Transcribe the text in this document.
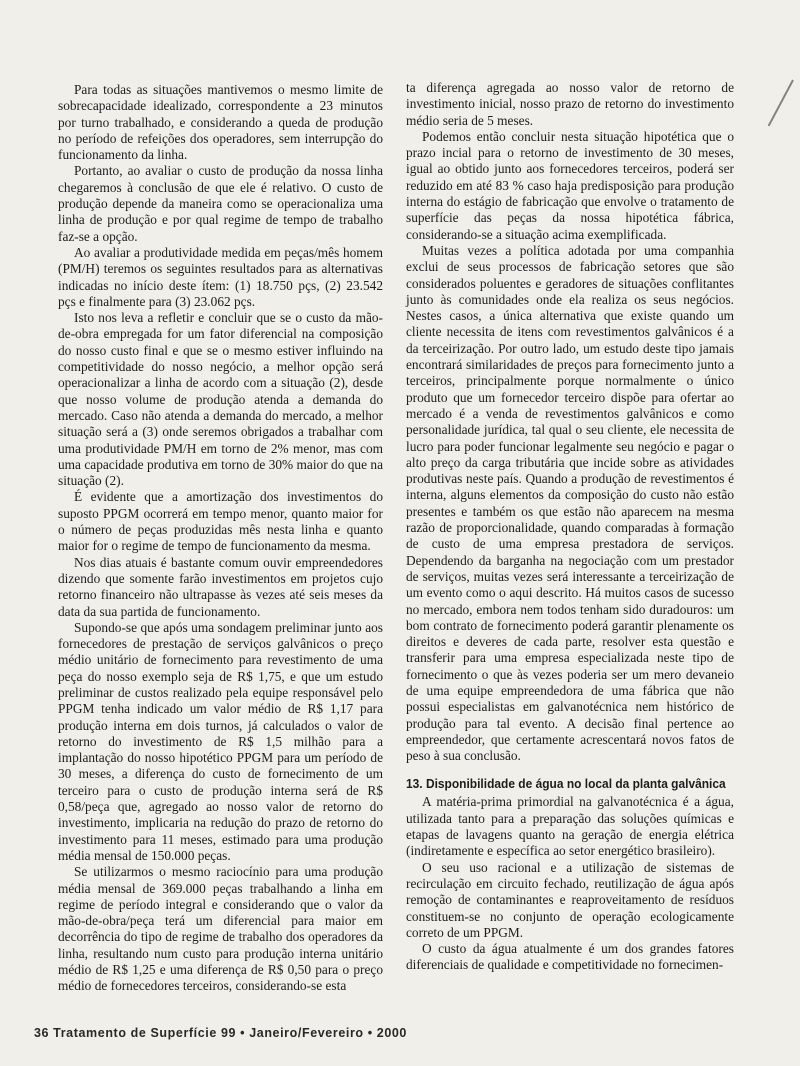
Para todas as situações mantivemos o mesmo limite de sobrecapacidade idealizado, correspondente a 23 minutos por turno trabalhado, e considerando a queda de produção no período de refeições dos operadores, sem interrupção do funcionamento da linha.

Portanto, ao avaliar o custo de produção da nossa linha chegaremos à conclusão de que ele é relativo. O custo de produção depende da maneira como se operacionaliza uma linha de produção e por qual regime de tempo de trabalho faz-se a opção.

Ao avaliar a produtividade medida em peças/mês homem (PM/H) teremos os seguintes resultados para as alternativas indicadas no início deste ítem: (1) 18.750 pçs, (2) 23.542 pçs e finalmente para (3) 23.062 pçs.

Isto nos leva a refletir e concluir que se o custo da mão-de-obra empregada for um fator diferencial na composição do nosso custo final e que se o mesmo estiver influindo na competitividade do nosso negócio, a melhor opção será operacionalizar a linha de acordo com a situação (2), desde que nosso volume de produção atenda a demanda do mercado. Caso não atenda a demanda do mercado, a melhor situação será a (3) onde seremos obrigados a trabalhar com uma produtividade PM/H em torno de 2% menor, mas com uma capacidade produtiva em torno de 30% maior do que na situação (2).

É evidente que a amortização dos investimentos do suposto PPGM ocorrerá em tempo menor, quanto maior for o número de peças produzidas mês nesta linha e quanto maior for o regime de tempo de funcionamento da mesma.

Nos dias atuais é bastante comum ouvir empreendedores dizendo que somente farão investimentos em projetos cujo retorno financeiro não ultrapasse às vezes até seis meses da data da sua partida de funcionamento.

Supondo-se que após uma sondagem preliminar junto aos fornecedores de prestação de serviços galvânicos o preço médio unitário de fornecimento para revestimento de uma peça do nosso exemplo seja de R$ 1,75, e que um estudo preliminar de custos realizado pela equipe responsável pelo PPGM tenha indicado um valor médio de R$ 1,17 para produção interna em dois turnos, já calculados o valor de retorno do investimento de R$ 1,5 milhão para a implantação do nosso hipotético PPGM para um período de 30 meses, a diferença do custo de fornecimento de um terceiro para o custo de produção interna será de R$ 0,58/peça que, agregado ao nosso valor de retorno do investimento, implicaria na redução do prazo de retorno do investimento para 11 meses, estimado para uma produção média mensal de 150.000 peças.

Se utilizarmos o mesmo raciocínio para uma produção média mensal de 369.000 peças trabalhando a linha em regime de período integral e considerando que o valor da mão-de-obra/peça terá um diferencial para maior em decorrência do tipo de regime de trabalho dos operadores da linha, resultando num custo para produção interna unitário médio de R$ 1,25 e uma diferença de R$ 0,50 para o preço médio de fornecedores terceiros, considerando-se esta

ta diferença agregada ao nosso valor de retorno de investimento inicial, nosso prazo de retorno do investimento médio seria de 5 meses.

Podemos então concluir nesta situação hipotética que o prazo incial para o retorno de investimento de 30 meses, igual ao obtido junto aos fornecedores terceiros, poderá ser reduzido em até 83 % caso haja predisposição para produção interna do estágio de fabricação que envolve o tratamento de superfície das peças da nossa hipotética fábrica, considerando-se a situação acima exemplificada.

Muitas vezes a política adotada por uma companhia exclui de seus processos de fabricação setores que são considerados poluentes e geradores de situações conflitantes junto às comunidades onde ela realiza os seus negócios. Nestes casos, a única alternativa que existe quando um cliente necessita de itens com revestimentos galvânicos é a da terceirização. Por outro lado, um estudo deste tipo jamais encontrará similaridades de preços para fornecimento junto a terceiros, principalmente porque normalmente o único produto que um fornecedor terceiro dispõe para ofertar ao mercado é a venda de revestimentos galvânicos e como personalidade jurídica, tal qual o seu cliente, ele necessita de lucro para poder funcionar legalmente seu negócio e pagar o alto preço da carga tributária que incide sobre as atividades produtivas neste país. Quando a produção de revestimentos é interna, alguns elementos da composição do custo não estão presentes e também os que estão não aparecem na mesma razão de proporcionalidade, quando comparadas à formação de custo de uma empresa prestadora de serviços. Dependendo da barganha na negociação com um prestador de serviços, muitas vezes será interessante a terceirização de um evento como o aqui descrito. Há muitos casos de sucesso no mercado, embora nem todos tenham sido duradouros: um bom contrato de fornecimento poderá garantir plenamente os direitos e deveres de cada parte, resolver esta questão e transferir para uma empresa especializada neste tipo de fornecimento o que às vezes poderia ser um mero devaneio de uma equipe empreendedora de uma fábrica que não possui especialistas em galvanotécnica nem histórico de produção para tal evento. A decisão final pertence ao empreendedor, que certamente acrescentará novos fatos de peso à sua conclusão.

13. Disponibilidade de água no local da planta galvânica

A matéria-prima primordial na galvanotécnica é a água, utilizada tanto para a preparação das soluções químicas e etapas de lavagens quanto na geração de energia elétrica (indiretamente e específica ao setor energético brasileiro).

O seu uso racional e a utilização de sistemas de recirculação em circuito fechado, reutilização de água após remoção de contaminantes e reaproveitamento de resíduos constituem-se no conjunto de operação ecologicamente correto de um PPGM.

O custo da água atualmente é um dos grandes fatores diferenciais de qualidade e competitividade no fornecimen-

36 Tratamento de Superfície 99 • Janeiro/Fevereiro • 2000
